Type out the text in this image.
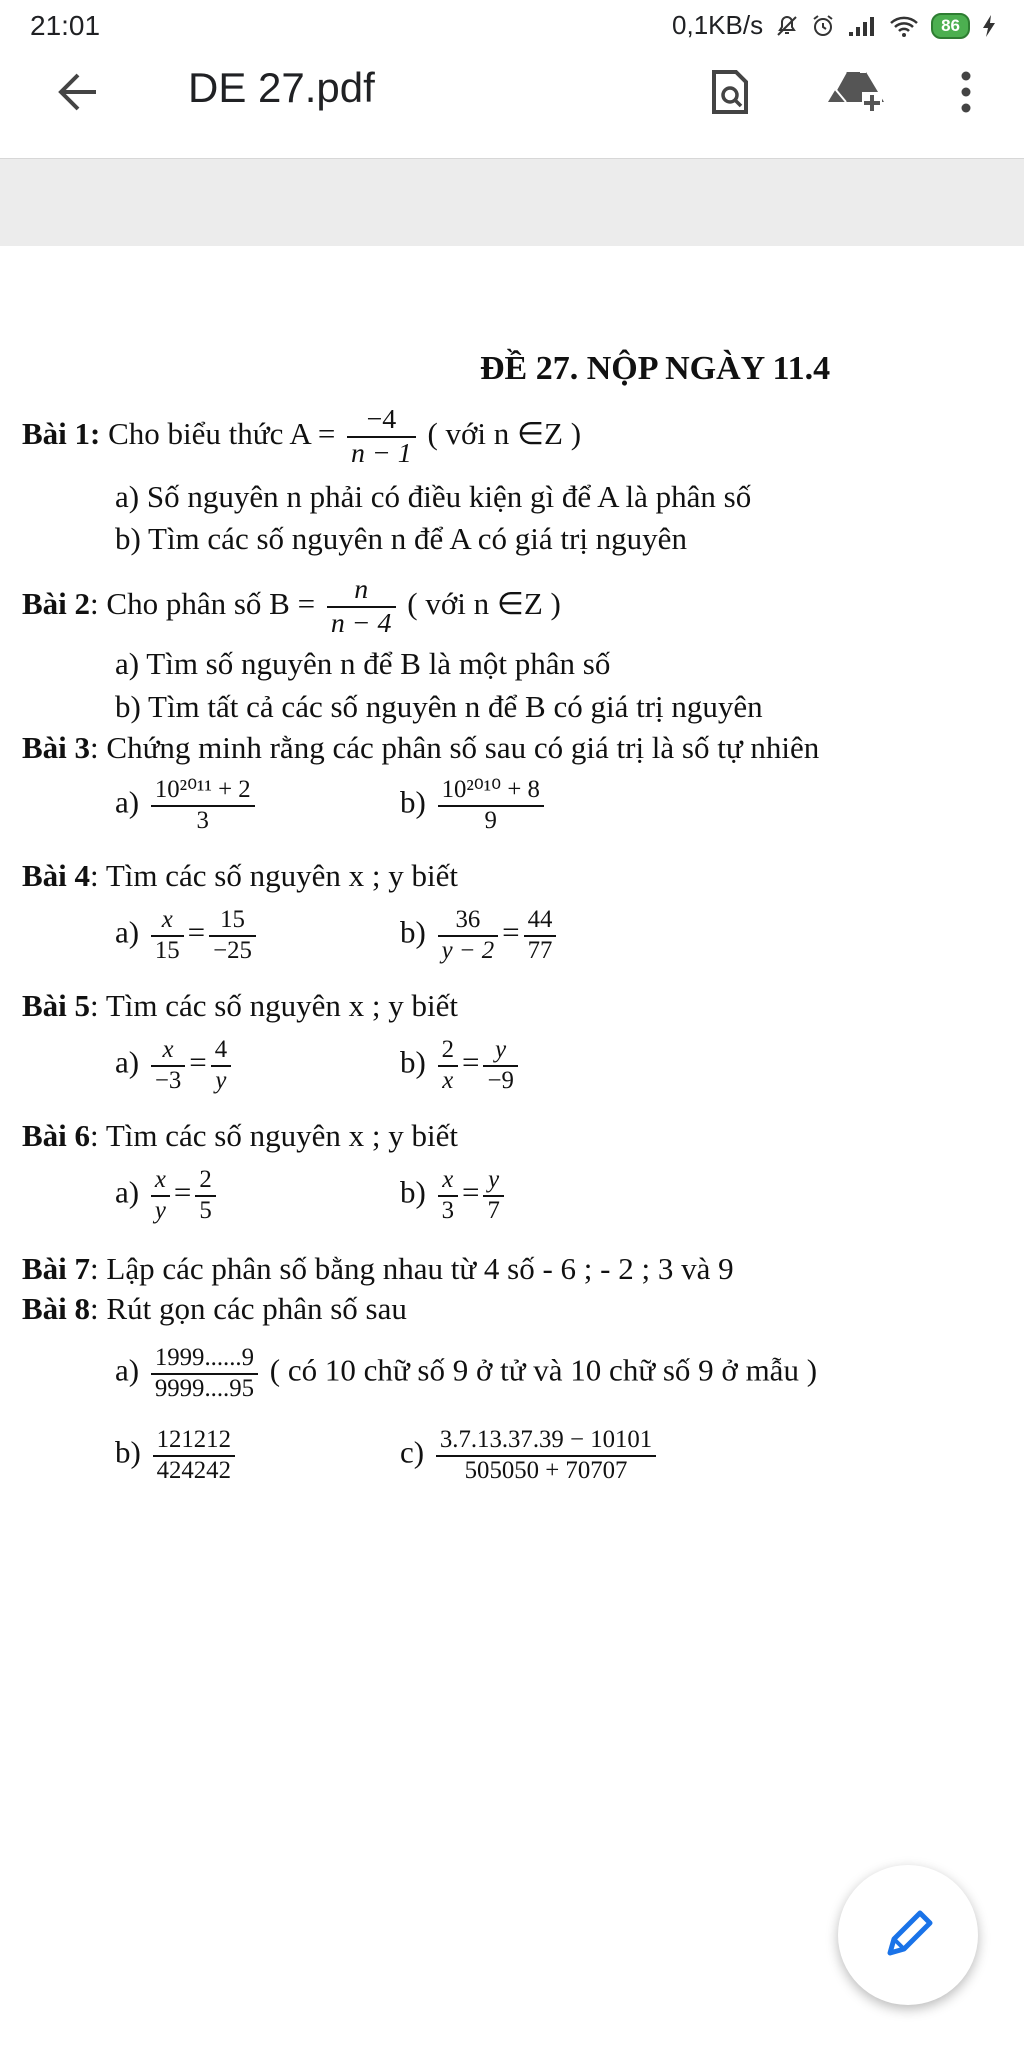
21:01	0,1KB/s	86
DE 27.pdf
ĐỀ 27. NỘP NGÀY 11.4
Bài 1: Cho biểu thức $A = \frac{-4}{n - 1}$ ( với n ∈Z )
a) Số nguyên n phải có điều kiện gì để A là phân số
b) Tìm các số nguyên n để A có giá trị nguyên
Bài 2: Cho phân số $B = \frac{n}{n - 4}$ ( với n ∈Z )
a) Tìm số nguyên n để B là một phân số
b) Tìm tất cả các số nguyên n để B có giá trị nguyên
Bài 3: Chứng minh rằng các phân số sau có giá trị là số tự nhiên
$a) \frac{\text{10²⁰¹¹ + 2}}{3}$	$b) \frac{\text{10²⁰¹⁰ + 8}}{9}$
Bài 4: Tìm các số nguyên x ; y biết
$a) \frac{x}{15} = \frac{15}{-25}$	$b) \frac{36}{y - 2} = \frac{44}{77}$
Bài 5: Tìm các số nguyên x ; y biết
$a) \frac{x}{-3} = \frac{4}{y}$	$b) \frac{2}{x} = \frac{y}{-9}$
Bài 6: Tìm các số nguyên x ; y biết
$a) \frac{x}{y} = \frac{2}{5}$	$b) \frac{x}{3} = \frac{y}{7}$
Bài 7: Lập các phân số bằng nhau từ 4 số - 6 ; - 2 ; 3 và 9
Bài 8: Rút gọn các phân số sau
$a) \frac{1999......9}{9999....95}$ ( có 10 chữ số 9 ở tử và 10 chữ số 9 ở mẫu )
$b) \frac{121212}{424242}$	$c) \frac{3.7.13.37.39 - 10101}{505050 + 70707}$
